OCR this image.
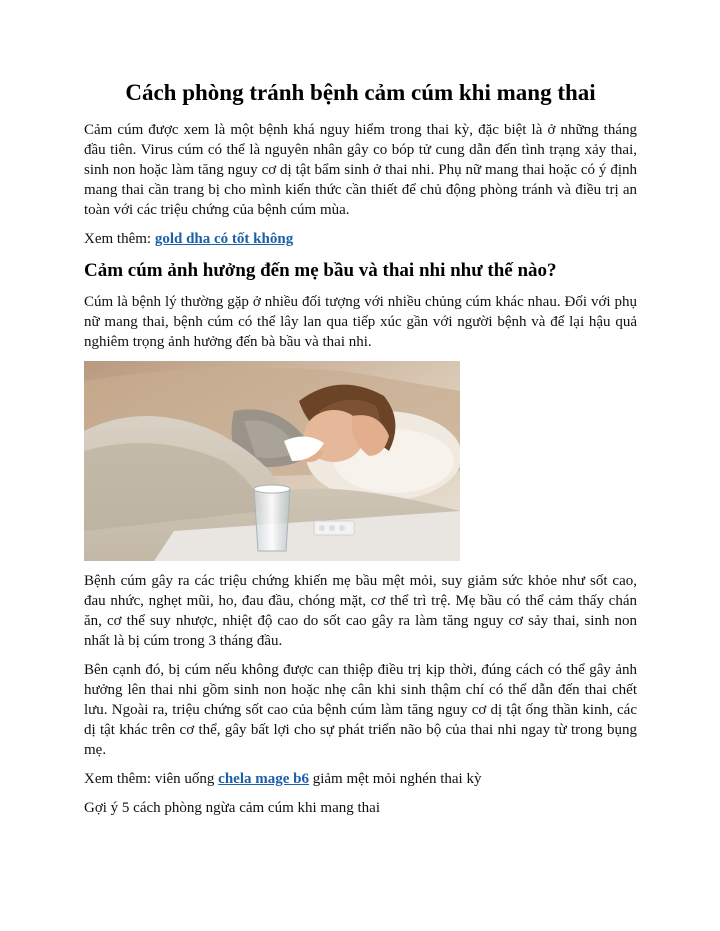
Cách phòng tránh bệnh cảm cúm khi mang thai

Cảm cúm được xem là một bệnh khá nguy hiểm trong thai kỳ, đặc biệt là ở những tháng đầu tiên. Virus cúm có thể là nguyên nhân gây co bóp tử cung dẫn đến tình trạng xảy thai, sinh non hoặc làm tăng nguy cơ dị tật bẩm sinh ở thai nhi. Phụ nữ mang thai hoặc có ý định mang thai cần trang bị cho mình kiến thức cần thiết để chủ động phòng tránh và điều trị an toàn với các triệu chứng của bệnh cúm mùa.

Xem thêm: gold dha có tốt không

Cảm cúm ảnh hưởng đến mẹ bầu và thai nhi như thế nào?

Cúm là bệnh lý thường gặp ở nhiều đối tượng với nhiều chủng cúm khác nhau. Đối với phụ nữ mang thai, bệnh cúm có thể lây lan qua tiếp xúc gần với người bệnh và để lại hậu quả nghiêm trọng ảnh hưởng đến bà bầu và thai nhi.

Bệnh cúm gây ra các triệu chứng khiến mẹ bầu mệt mỏi, suy giảm sức khỏe như sốt cao, đau nhức, nghẹt mũi, ho, đau đầu, chóng mặt, cơ thể trì trệ. Mẹ bầu có thể cảm thấy chán ăn, cơ thể suy nhược, nhiệt độ cao do sốt cao gây ra làm tăng nguy cơ sảy thai, sinh non nhất là bị cúm trong 3 tháng đầu.

Bên cạnh đó, bị cúm nếu không được can thiệp điều trị kịp thời, đúng cách có thể gây ảnh hưởng lên thai nhi gồm sinh non hoặc nhẹ cân khi sinh thậm chí có thể dẫn đến thai chết lưu. Ngoài ra, triệu chứng sốt cao của bệnh cúm làm tăng nguy cơ dị tật ống thần kinh, các dị tật khác trên cơ thể, gây bất lợi cho sự phát triển não bộ của thai nhi ngay từ trong bụng mẹ.

Xem thêm: viên uống chela mage b6 giảm mệt mỏi nghén thai kỳ

Gợi ý 5 cách phòng ngừa cảm cúm khi mang thai
